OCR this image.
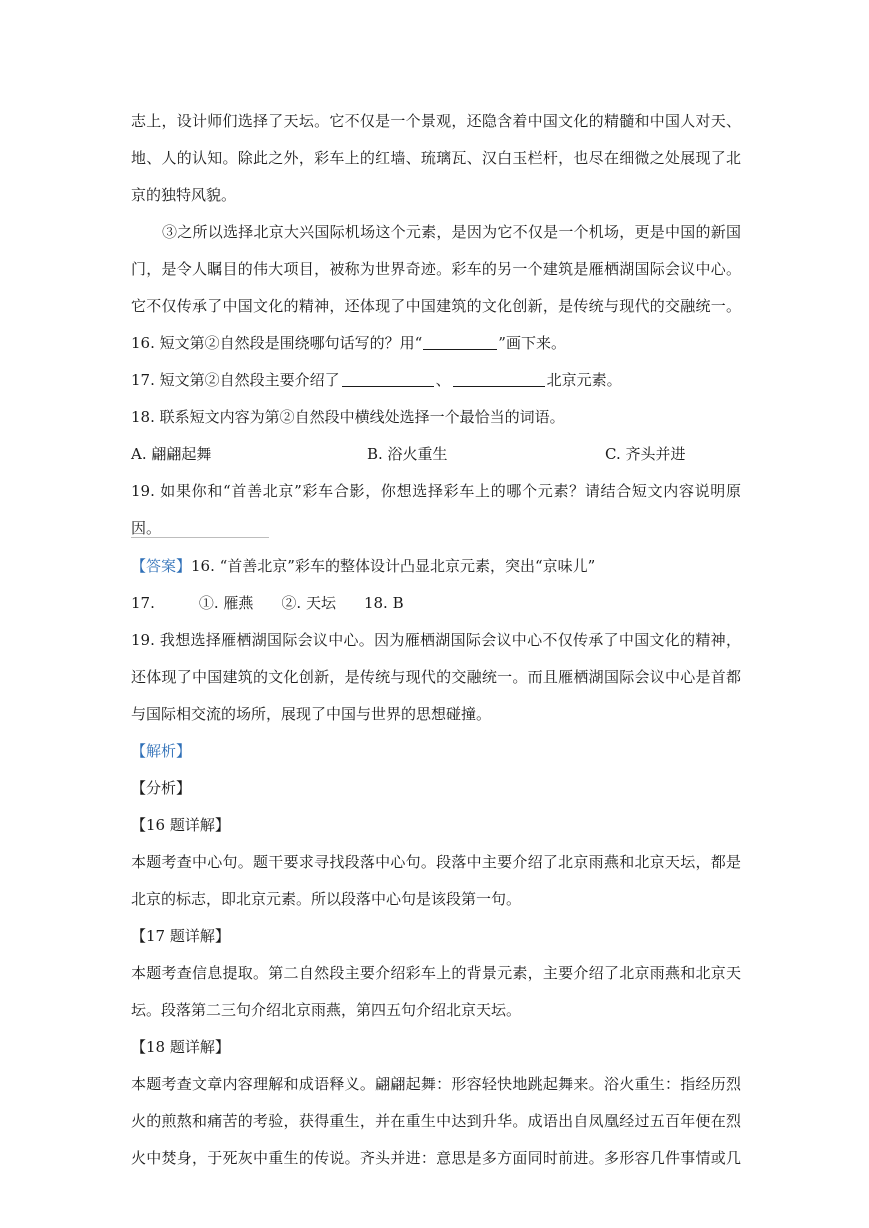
志上，设计师们选择了天坛。它不仅是一个景观，还隐含着中国文化的精髓和中国人对天、
地、人的认知。除此之外，彩车上的红墙、琉璃瓦、汉白玉栏杆，也尽在细微之处展现了北
京的独特风貌。
③之所以选择北京大兴国际机场这个元素，是因为它不仅是一个机场，更是中国的新国
门，是令人瞩目的伟大项目，被称为世界奇迹。彩车的另一个建筑是雁栖湖国际会议中心。
它不仅传承了中国文化的精神，还体现了中国建筑的文化创新，是传统与现代的交融统一。
16. 短文第②自然段是围绕哪句话写的？用“	”画下来。
17. 短文第②自然段主要介绍了	、	北京元素。
18. 联系短文内容为第②自然段中横线处选择一个最恰当的词语。
A. 翩翩起舞	B. 浴火重生	C. 齐头并进
19. 如果你和“首善北京”彩车合影，你想选择彩车上的哪个元素？请结合短文内容说明原
因。
【答案】16. “首善北京”彩车的整体设计凸显北京元素，突出“京味儿”
17.	①. 雁燕 ②. 天坛 18. B
19. 我想选择雁栖湖国际会议中心。因为雁栖湖国际会议中心不仅传承了中国文化的精神，
还体现了中国建筑的文化创新，是传统与现代的交融统一。而且雁栖湖国际会议中心是首都
与国际相交流的场所，展现了中国与世界的思想碰撞。
【解析】
【分析】
【16 题详解】
本题考查中心句。题干要求寻找段落中心句。段落中主要介绍了北京雨燕和北京天坛，都是
北京的标志，即北京元素。所以段落中心句是该段第一句。
【17 题详解】
本题考查信息提取。第二自然段主要介绍彩车上的背景元素，主要介绍了北京雨燕和北京天
坛。段落第二三句介绍北京雨燕，第四五句介绍北京天坛。
【18 题详解】
本题考查文章内容理解和成语释义。翩翩起舞：形容轻快地跳起舞来。浴火重生：指经历烈
火的煎熬和痛苦的考验，获得重生，并在重生中达到升华。成语出自凤凰经过五百年便在烈
火中焚身，于死灰中重生的传说。齐头并进：意思是多方面同时前进。多形容几件事情或几
